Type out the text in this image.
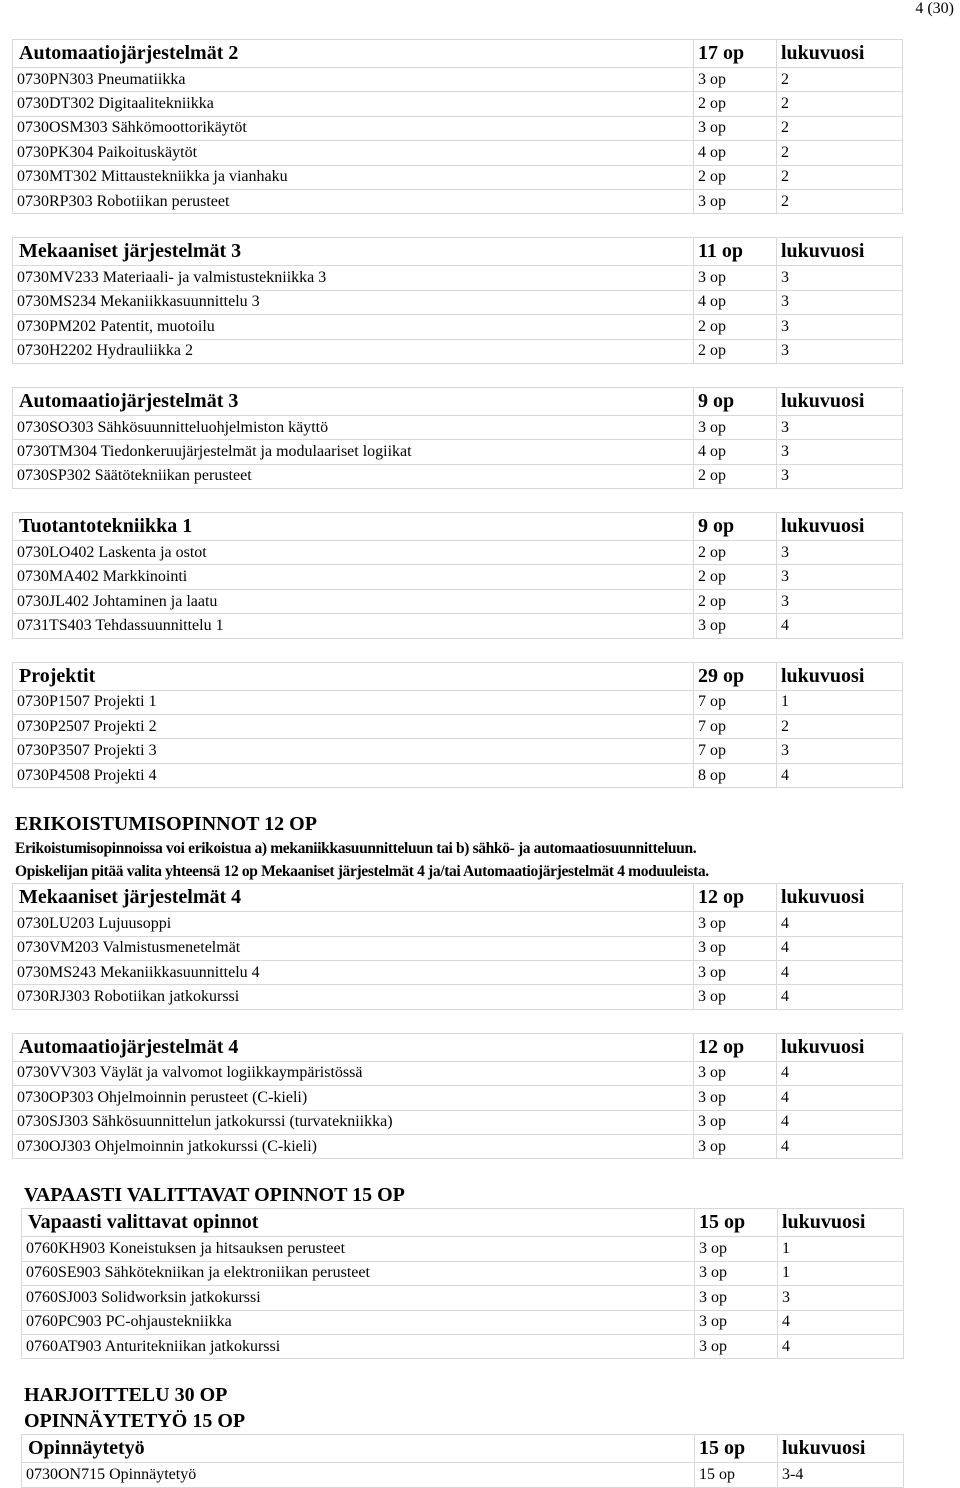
4 (30)
Automaatiojärjestelmät 2	17 op	lukuvuosi
0730PN303 Pneumatiikka	3 op	2
0730DT302 Digitaalitekniikka	2 op	2
0730OSM303 Sähkömoottorikäytöt	3 op	2
0730PK304 Paikoituskäytöt	4 op	2
0730MT302 Mittaustekniikka ja vianhaku	2 op	2
0730RP303 Robotiikan perusteet	3 op	2
Mekaaniset järjestelmät 3	11 op	lukuvuosi
0730MV233 Materiaali- ja valmistustekniikka 3	3 op	3
0730MS234 Mekaniikkasuunnittelu 3	4 op	3
0730PM202 Patentit, muotoilu	2 op	3
0730H2202 Hydrauliikka 2	2 op	3
Automaatiojärjestelmät 3	9 op	lukuvuosi
0730SO303 Sähkösuunnitteluohjelmiston käyttö	3 op	3
0730TM304 Tiedonkeruujärjestelmät ja modulaariset logiikat	4 op	3
0730SP302 Säätötekniikan perusteet	2 op	3
Tuotantotekniikka 1	9 op	lukuvuosi
0730LO402 Laskenta ja ostot	2 op	3
0730MA402 Markkinointi	2 op	3
0730JL402 Johtaminen ja laatu	2 op	3
0731TS403 Tehdassuunnittelu 1	3 op	4
Projektit	29 op	lukuvuosi
0730P1507 Projekti 1	7 op	1
0730P2507 Projekti 2	7 op	2
0730P3507 Projekti 3	7 op	3
0730P4508 Projekti 4	8 op	4

ERIKOISTUMISOPINNOT 12 OP

Erikoistumisopinnoissa voi erikoistua a) mekaniikkasuunnitteluun tai b) sähkö- ja automaatiosuunnitteluun.

Opiskelijan pitää valita yhteensä 12 op Mekaaniset järjestelmät 4 ja/tai Automaatiojärjestelmät 4 moduuleista.

Mekaaniset järjestelmät 4	12 op	lukuvuosi
0730LU203 Lujuusoppi	3 op	4
0730VM203 Valmistusmenetelmät	3 op	4
0730MS243 Mekaniikkasuunnittelu 4	3 op	4
0730RJ303 Robotiikan jatkokurssi	3 op	4
Automaatiojärjestelmät 4	12 op	lukuvuosi
0730VV303 Väylät ja valvomot logiikkaympäristössä	3 op	4
0730OP303 Ohjelmoinnin perusteet (C-kieli)	3 op	4
0730SJ303 Sähkösuunnittelun jatkokurssi (turvatekniikka)	3 op	4
0730OJ303 Ohjelmoinnin jatkokurssi (C-kieli)	3 op	4

VAPAASTI VALITTAVAT OPINNOT 15 OP

Vapaasti valittavat opinnot	15 op	lukuvuosi
0760KH903 Koneistuksen ja hitsauksen perusteet	3 op	1
0760SE903 Sähkötekniikan ja elektroniikan perusteet	3 op	1
0760SJ003 Solidworksin jatkokurssi	3 op	3
0760PC903 PC-ohjaustekniikka	3 op	4
0760AT903 Anturitekniikan jatkokurssi	3 op	4

HARJOITTELU 30 OP

OPINNÄYTETYÖ 15 OP

Opinnäytetyö	15 op	lukuvuosi
0730ON715 Opinnäytetyö	15 op	3-4
